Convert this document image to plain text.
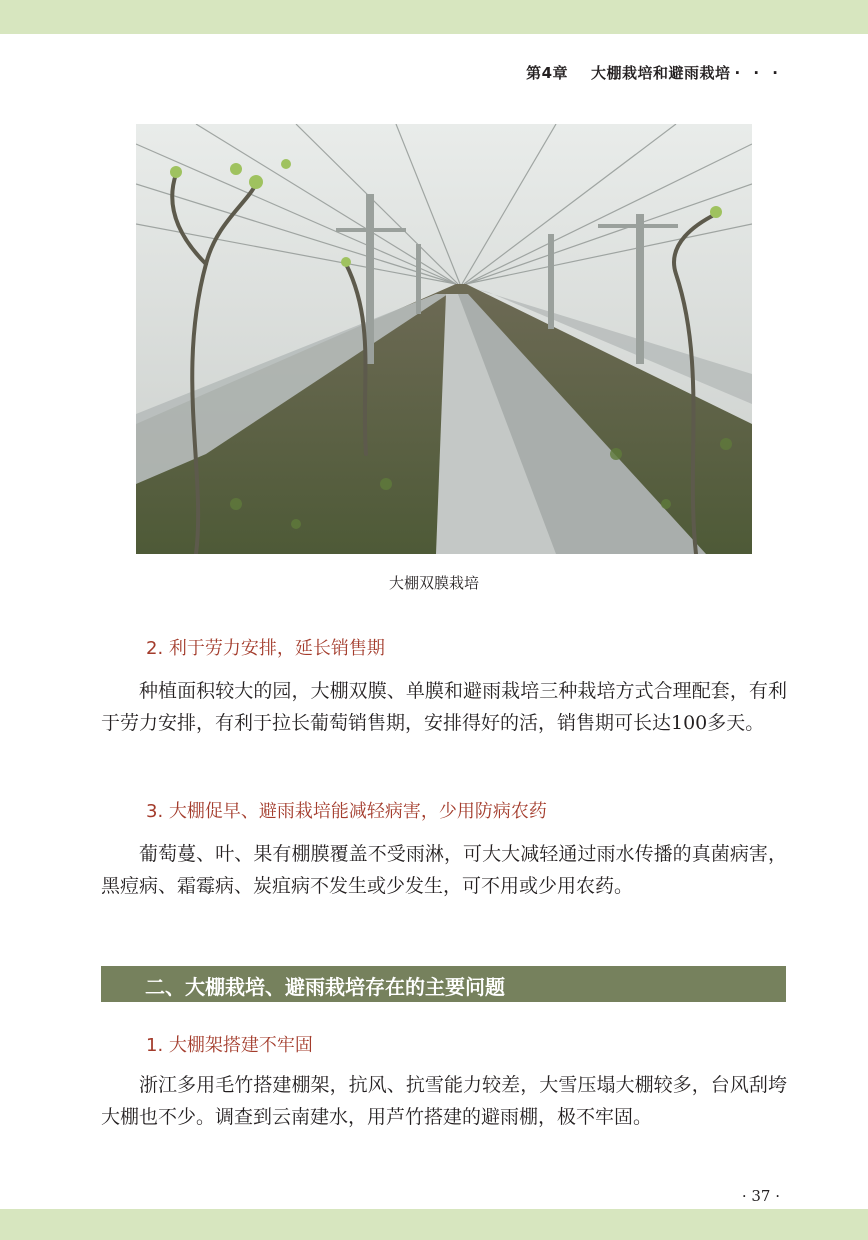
第4章 大棚栽培和避雨栽培 · · ·
大棚双膜栽培
2. 利于劳力安排，延长销售期
种植面积较大的园，大棚双膜、单膜和避雨栽培三种栽培方式合理配套，有利于劳力安排，有利于拉长葡萄销售期，安排得好的活，销售期可长达100多天。
3. 大棚促早、避雨栽培能减轻病害，少用防病农药
葡萄蔓、叶、果有棚膜覆盖不受雨淋，可大大减轻通过雨水传播的真菌病害，黑痘病、霜霉病、炭疽病不发生或少发生，可不用或少用农药。
二、大棚栽培、避雨栽培存在的主要问题
1. 大棚架搭建不牢固
浙江多用毛竹搭建棚架，抗风、抗雪能力较差，大雪压塌大棚较多，台风刮垮大棚也不少。调查到云南建水，用芦竹搭建的避雨棚，极不牢固。
· 37 ·
